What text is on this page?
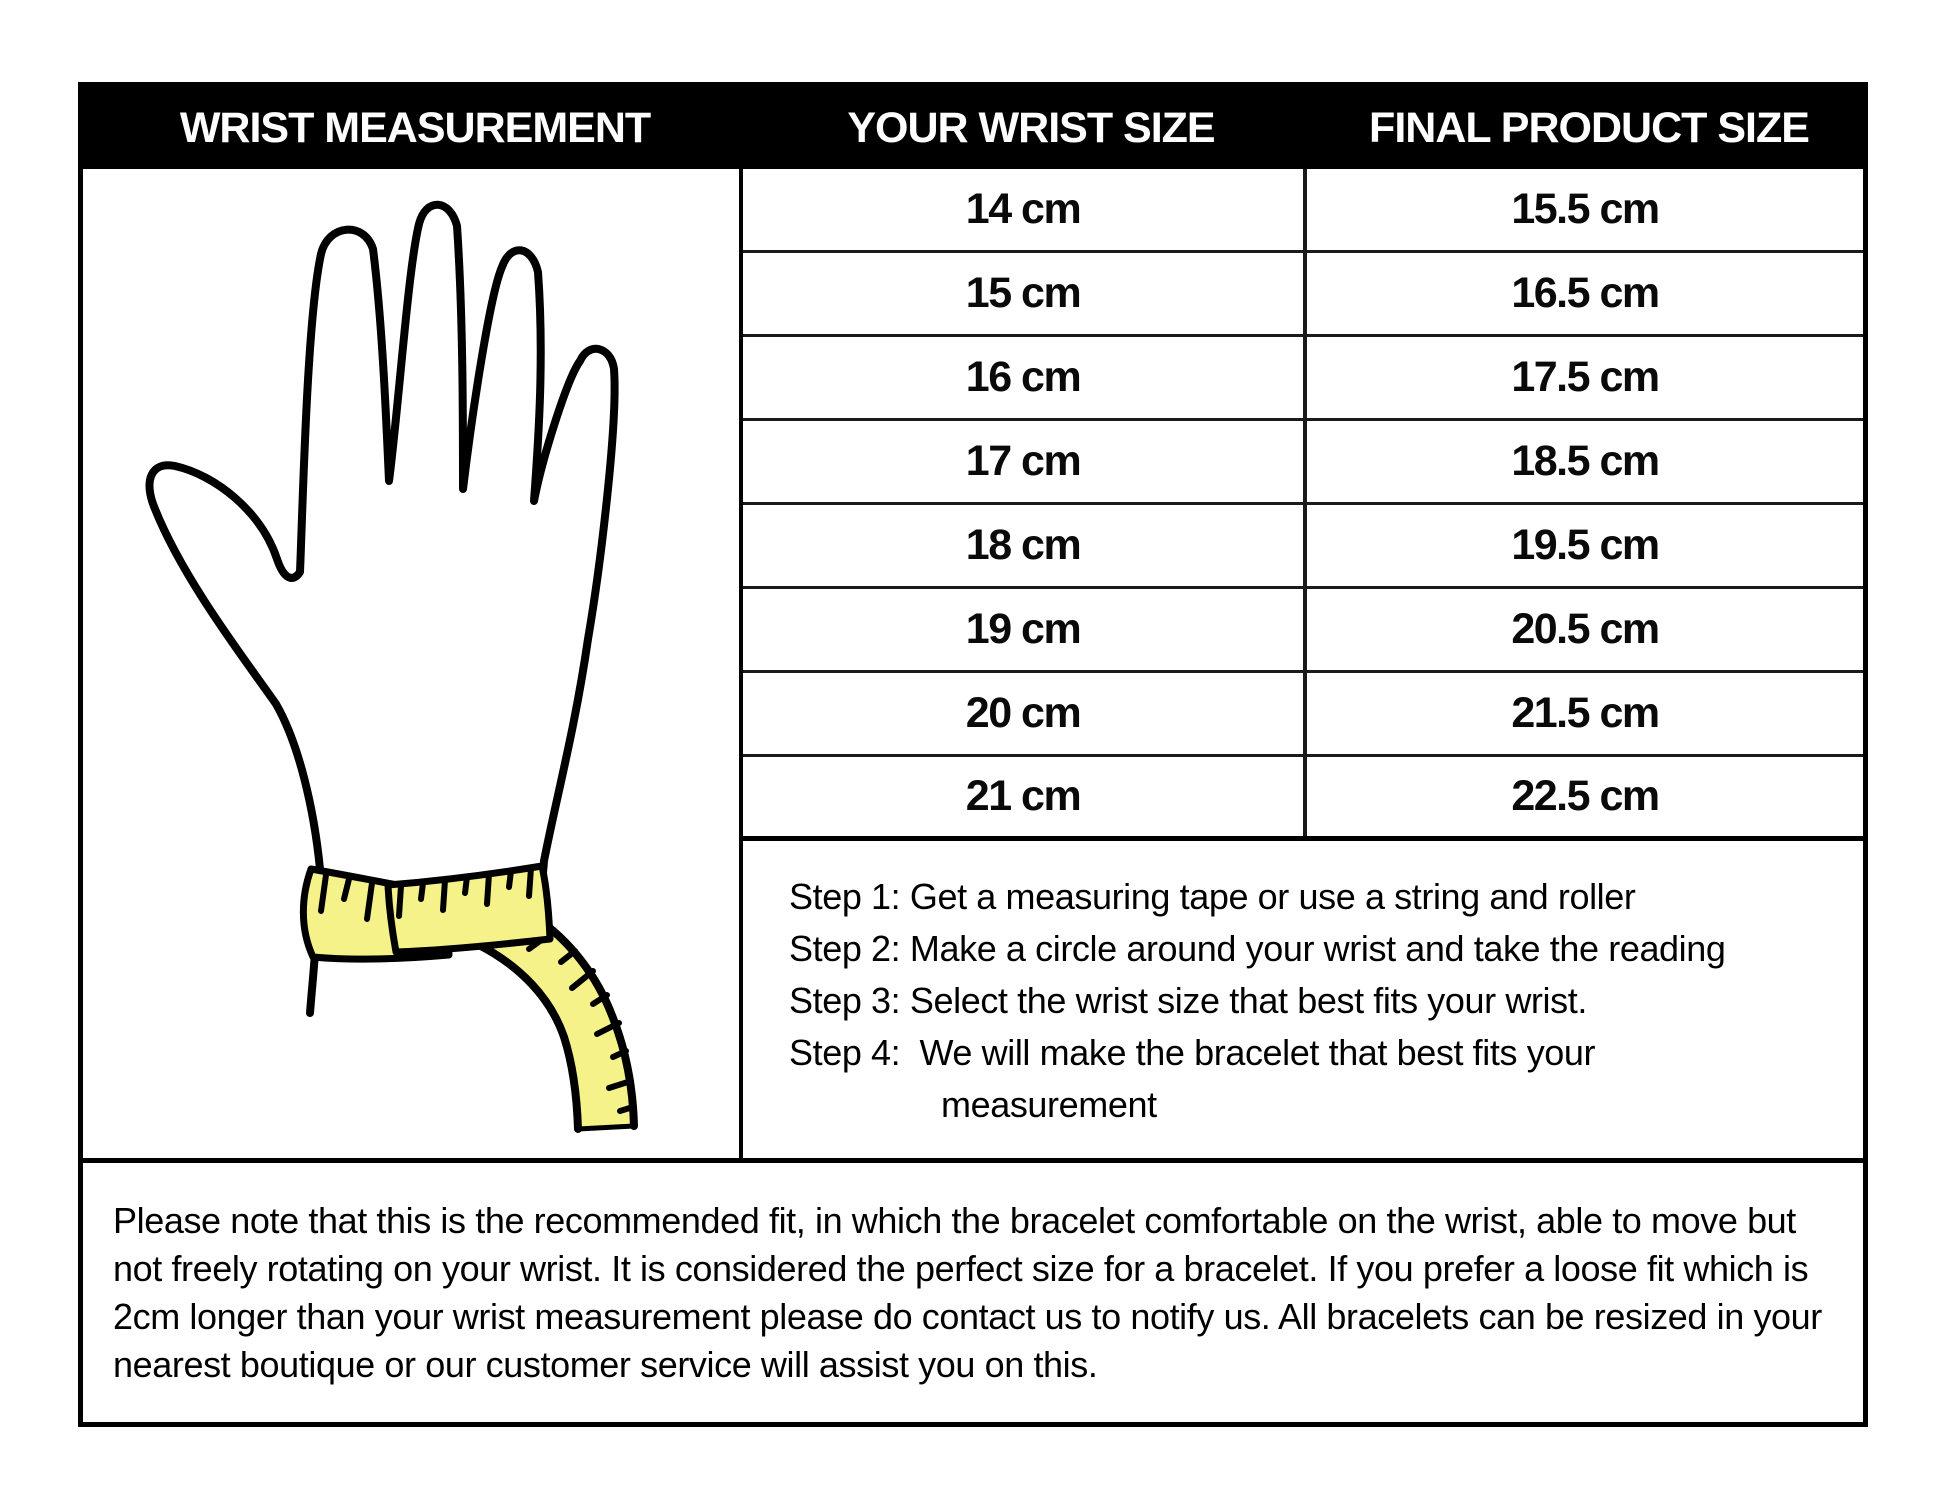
WRIST MEASUREMENT	YOUR WRIST SIZE	FINAL PRODUCT SIZE
14 cm	15.5 cm
15 cm	16.5 cm
16 cm	17.5 cm
17 cm	18.5 cm
18 cm	19.5 cm
19 cm	20.5 cm
20 cm	21.5 cm
21 cm	22.5 cm
Step 1: Get a measuring tape or use a string and roller
Step 2: Make a circle around your wrist and take the reading
Step 3: Select the wrist size that best fits your wrist.
Step 4:  We will make the bracelet that best fits your
measurement
Please note that this is the recommended fit, in which the bracelet comfortable on the wrist, able to move but not freely rotating on your wrist. It is considered the perfect size for a bracelet. If you prefer a loose fit which is 2cm longer than your wrist measurement please do contact us to notify us. All bracelets can be resized in your nearest boutique or our customer service will assist you on this.
